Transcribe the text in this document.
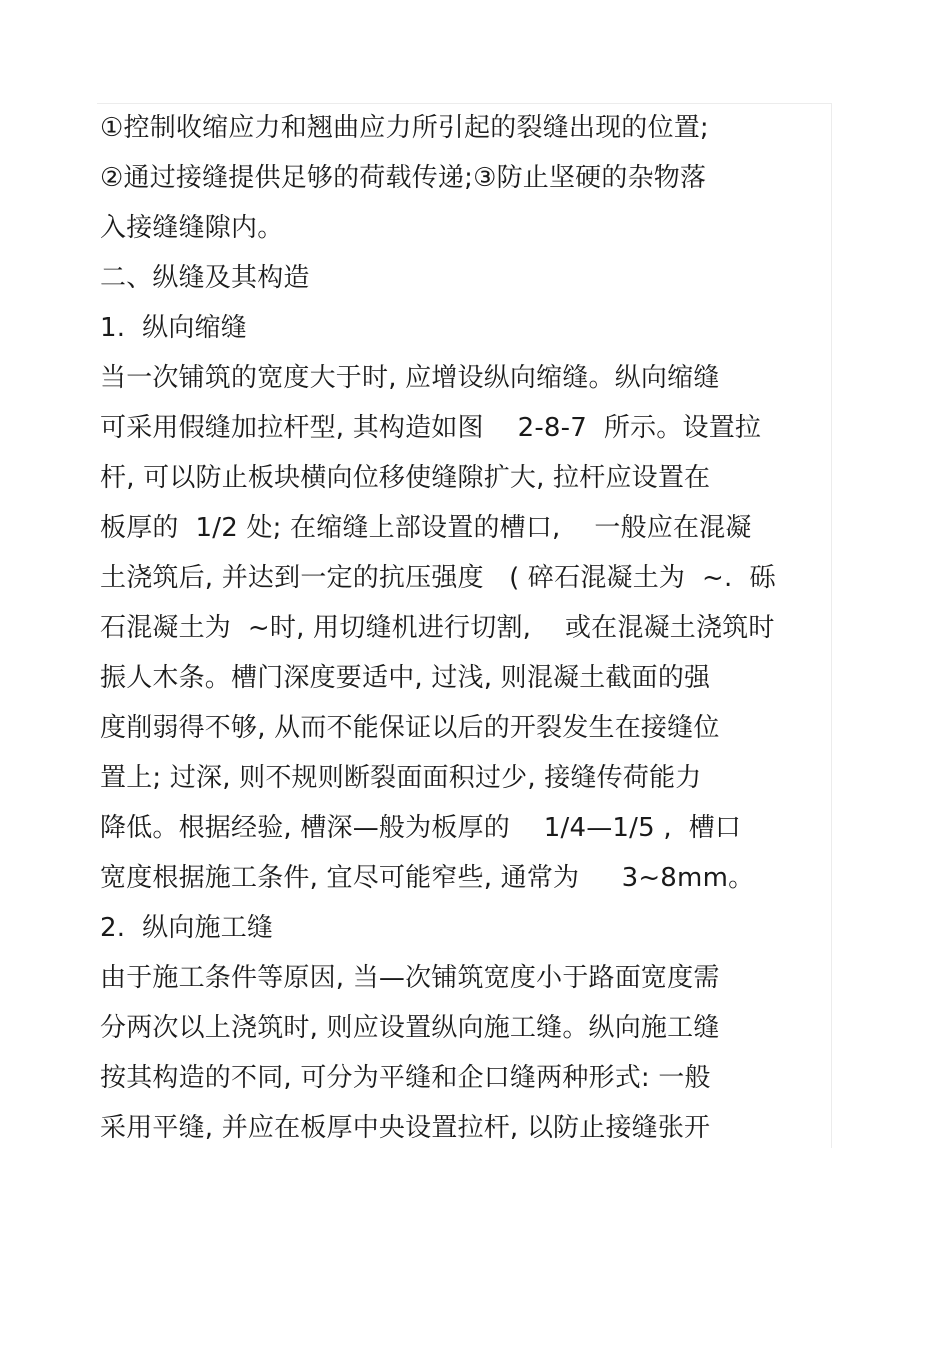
①控制收缩应力和翘曲应力所引起的裂缝出现的位置;
②通过接缝提供足够的荷载传递;③防止坚硬的杂物落
入接缝缝隙内。
二、纵缝及其构造
1.  纵向缩缝
当一次铺筑的宽度大于时, 应增设纵向缩缝。纵向缩缝
可采用假缝加拉杆型, 其构造如图    2-8-7  所示。设置拉
杆, 可以防止板块横向位移使缝隙扩大, 拉杆应设置在
板厚的  1/2 处; 在缩缝上部设置的槽口,    一般应在混凝
土浇筑后, 并达到一定的抗压强度   ( 碎石混凝土为  ~.  砾
石混凝土为  ~时, 用切缝机进行切割,    或在混凝土浇筑时
振人木条。槽门深度要适中, 过浅, 则混凝土截面的强
度削弱得不够, 从而不能保证以后的开裂发生在接缝位
置上; 过深, 则不规则断裂面面积过少, 接缝传荷能力
降低。根据经验, 槽深—般为板厚的    1/4—1/5 ,  槽口
宽度根据施工条件, 宜尽可能窄些, 通常为     3~8mm。
2.  纵向施工缝
由于施工条件等原因, 当—次铺筑宽度小于路面宽度需
分两次以上浇筑时, 则应设置纵向施工缝。纵向施工缝
按其构造的不同, 可分为平缝和企口缝两种形式: 一般
采用平缝, 并应在板厚中央设置拉杆, 以防止接缝张开
